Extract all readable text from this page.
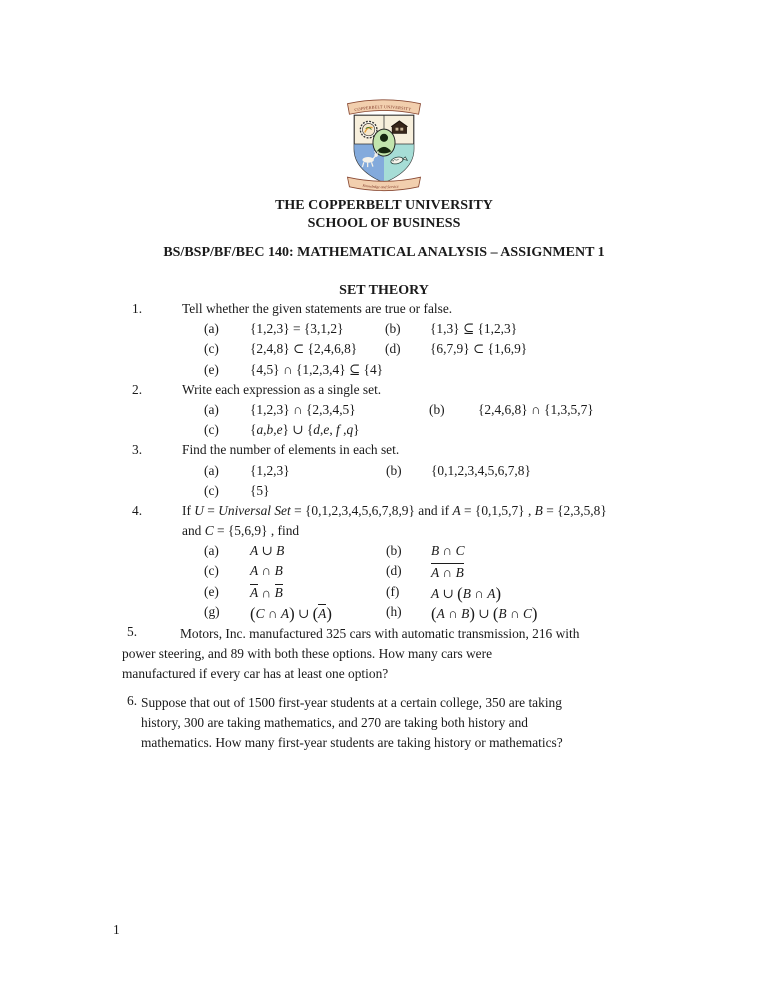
COPPERBELT UNIVERSITY
Knowledge and Service
THE COPPERBELT UNIVERSITY
SCHOOL OF BUSINESS
BS/BSP/BF/BEC 140: MATHEMATICAL ANALYSIS – ASSIGNMENT 1
SET THEORY
1.	Tell whether the given statements are true or false.
(a) {1,2,3} = {3,1,2}	(b) {1,3} ⊆ {1,2,3}
(c) {2,4,8} ⊂ {2,4,6,8} (d) {6,7,9} ⊂ {1,6,9}
(e) {4,5} ∩ {1,2,3,4} ⊆ {4}
2.	Write each expression as a single set.
(a) {1,2,3} ∩ {2,3,4,5}	(b) {2,4,6,8} ∩ {1,3,5,7}
(c) {a,b,e} ∪ {d,e, f ,q}
3.	Find the number of elements in each set.
(a) {1,2,3}	(b) {0,1,2,3,4,5,6,7,8}
(c) {5}
4.	If U = Universal Set = {0,1,2,3,4,5,6,7,8,9} and if A = {0,1,5,7} , B = {2,3,5,8}
and C = {5,6,9} , find
(a) A ∪ B	(b) B ∩ C
(c) A ∩ B	(d) A ∩ B
(e) A ∩ B	(f) A ∪ (B ∩ A)
(g) (C ∩ A) ∪ (A)	(h) (A ∩ B) ∪ (B ∩ C)
5.	Motors, Inc. manufactured 325 cars with automatic transmission, 216 with
power steering, and 89 with both these options. How many cars were
manufactured if every car has at least one option?
6. Suppose that out of 1500 first-year students at a certain college, 350 are taking
history, 300 are taking mathematics, and 270 are taking both history and
mathematics. How many first-year students are taking history or mathematics?
1
